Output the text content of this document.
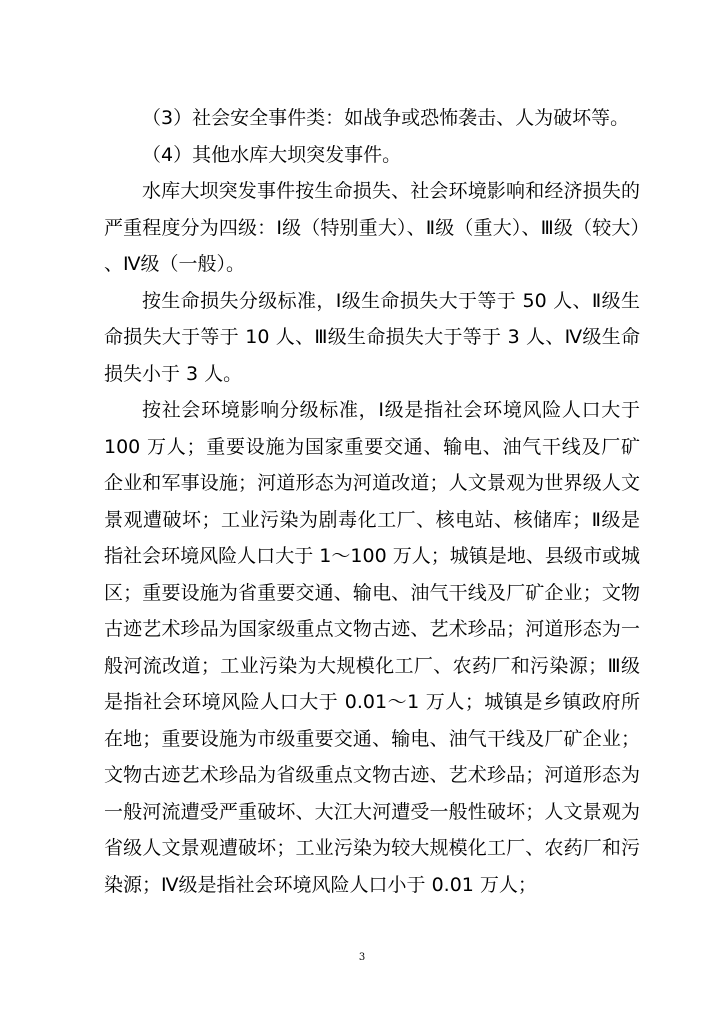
（3）社会安全事件类：如战争或恐怖袭击、人为破坏等。

（4）其他水库大坝突发事件。

水库大坝突发事件按生命损失、社会环境影响和经济损失的严重程度分为四级：Ⅰ级（特别重大）、Ⅱ级（重大）、Ⅲ级（较大）、Ⅳ级（一般）。

按生命损失分级标准，Ⅰ级生命损失大于等于 50 人、Ⅱ级生命损失大于等于 10 人、Ⅲ级生命损失大于等于 3 人、Ⅳ级生命损失小于 3 人。

按社会环境影响分级标准，Ⅰ级是指社会环境风险人口大于 100 万人；重要设施为国家重要交通、输电、油气干线及厂矿企业和军事设施；河道形态为河道改道；人文景观为世界级人文景观遭破坏；工业污染为剧毒化工厂、核电站、核储库；Ⅱ级是指社会环境风险人口大于 1～100 万人；城镇是地、县级市或城区；重要设施为省重要交通、输电、油气干线及厂矿企业；文物古迹艺术珍品为国家级重点文物古迹、艺术珍品；河道形态为一般河流改道；工业污染为大规模化工厂、农药厂和污染源；Ⅲ级是指社会环境风险人口大于 0.01～1 万人；城镇是乡镇政府所在地；重要设施为市级重要交通、输电、油气干线及厂矿企业；文物古迹艺术珍品为省级重点文物古迹、艺术珍品；河道形态为一般河流遭受严重破坏、大江大河遭受一般性破坏；人文景观为省级人文景观遭破坏；工业污染为较大规模化工厂、农药厂和污染源；Ⅳ级是指社会环境风险人口小于 0.01 万人；

3
